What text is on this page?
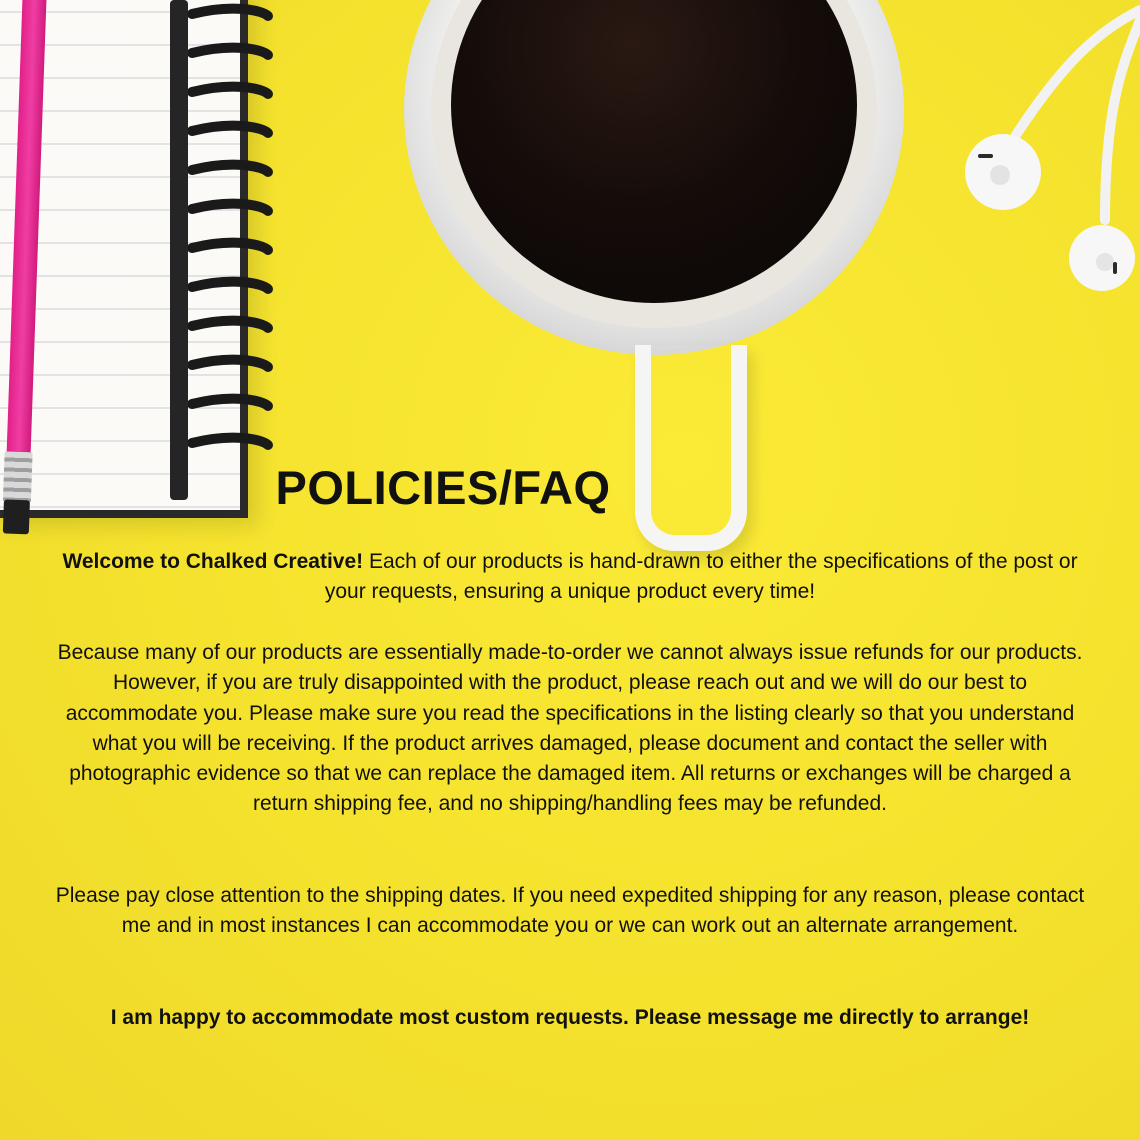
POLICIES/FAQ
Welcome to Chalked Creative! Each of our products is hand-drawn to either the specifications of the post or your requests, ensuring a unique product every time!
Because many of our products are essentially made-to-order we cannot always issue refunds for our products. However, if you are truly disappointed with the product, please reach out and we will do our best to accommodate you. Please make sure you read the specifications in the listing clearly so that you understand what you will be receiving. If the product arrives damaged, please document and contact the seller with photographic evidence so that we can replace the damaged item. All returns or exchanges will be charged a return shipping fee, and no shipping/handling fees may be refunded.
Please pay close attention to the shipping dates. If you need expedited shipping for any reason, please contact me and in most instances I can accommodate you or we can work out an alternate arrangement.
I am happy to accommodate most custom requests. Please message me directly to arrange!
